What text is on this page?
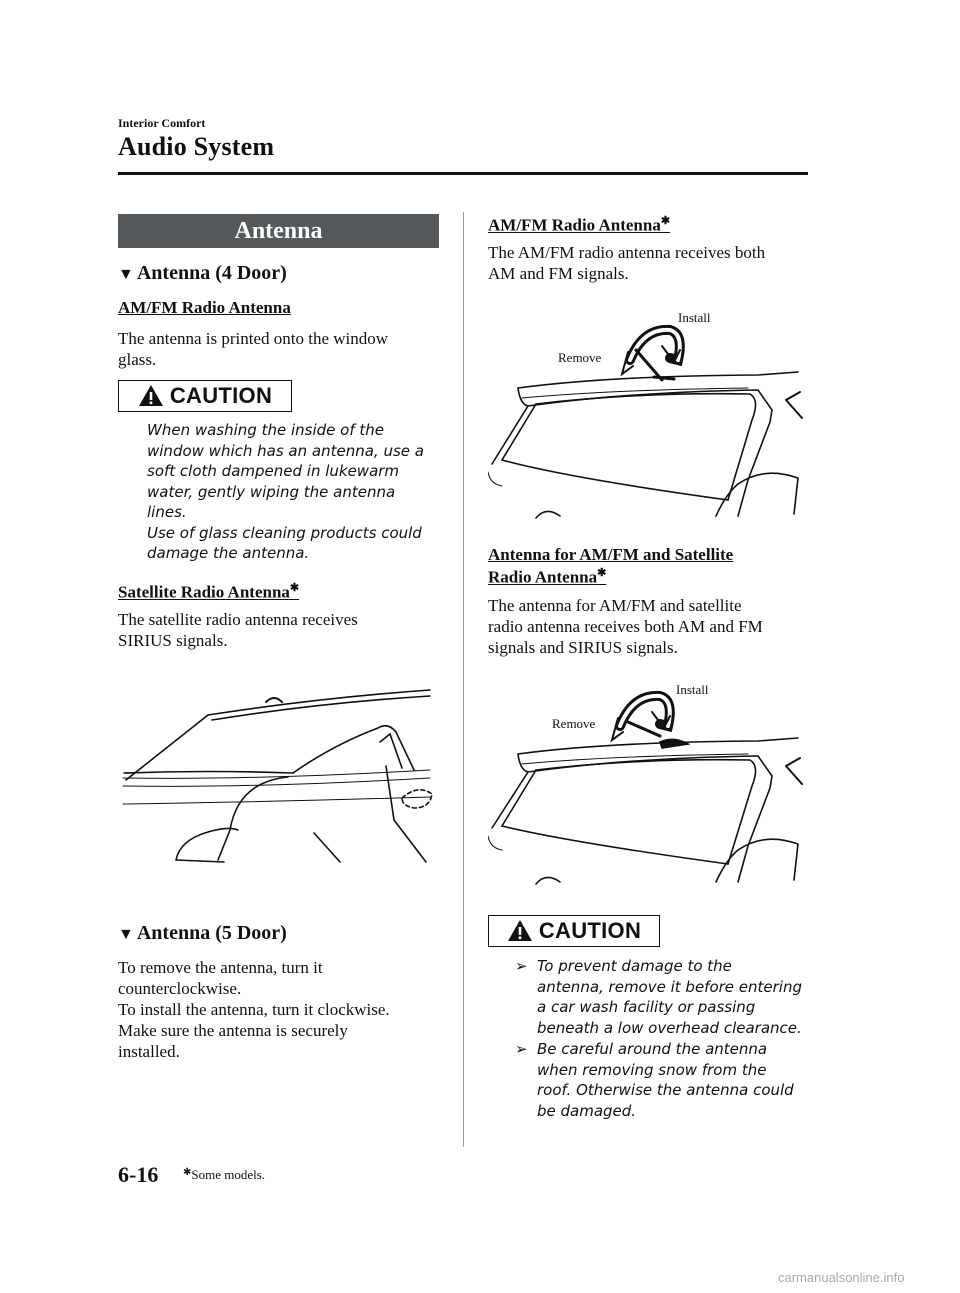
Interior Comfort
Audio System
Antenna
▼ Antenna (4 Door)
AM/FM Radio Antenna
The antenna is printed onto the window
glass.
CAUTION
When washing the inside of the
window which has an antenna, use a
soft cloth dampened in lukewarm
water, gently wiping the antenna
lines.
Use of glass cleaning products could
damage the antenna.
Satellite Radio Antenna✱
The satellite radio antenna receives
SIRIUS signals.
▼ Antenna (5 Door)
To remove the antenna, turn it
counterclockwise.
To install the antenna, turn it clockwise.
Make sure the antenna is securely
installed.
AM/FM Radio Antenna✱
The AM/FM radio antenna receives both
AM and FM signals.
Install
Remove
Antenna for AM/FM and Satellite
Radio Antenna✱
The antenna for AM/FM and satellite
radio antenna receives both AM and FM
signals and SIRIUS signals.
Install
Remove
CAUTION
➢ To prevent damage to the
antenna, remove it before entering
a car wash facility or passing
beneath a low overhead clearance.
➢ Be careful around the antenna
when removing snow from the
roof. Otherwise the antenna could
be damaged.
6-16 ✱Some models.
carmanualsonline.info
